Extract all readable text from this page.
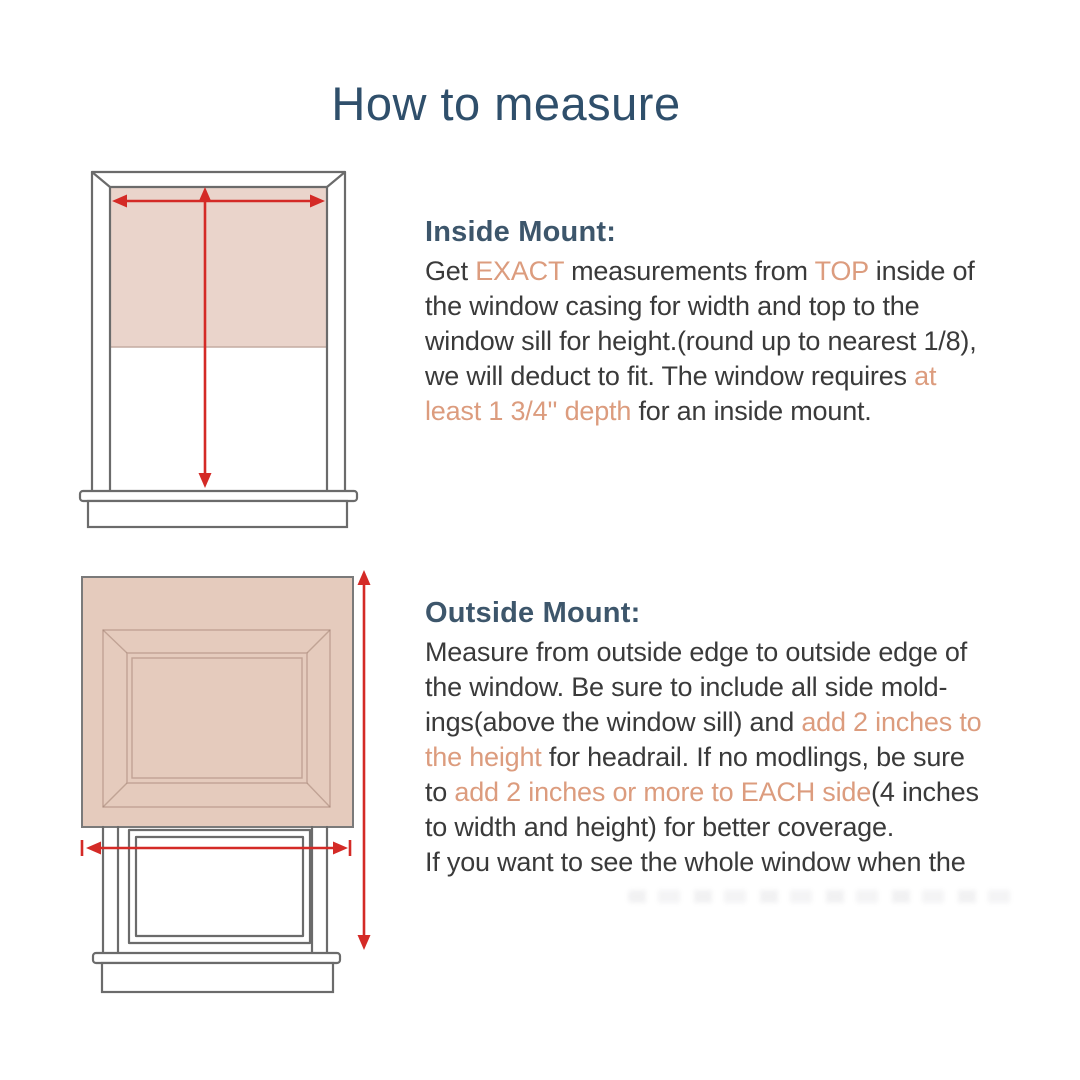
How to measure
Inside Mount:
Get EXACT measurements from TOP inside of
the window casing for width and top to the
window sill for height.(round up to nearest 1/8),
we will deduct to fit. The window requires at
least 1 3/4'' depth for an inside mount.
Outside Mount:
Measure from outside edge to outside edge of
the window. Be sure to include all side mold-
ings(above the window sill) and add 2 inches to
the height for headrail. If no modlings, be sure
to add 2 inches or more to EACH side(4 inches
to width and height) for better coverage.
If you want to see the whole window when the
